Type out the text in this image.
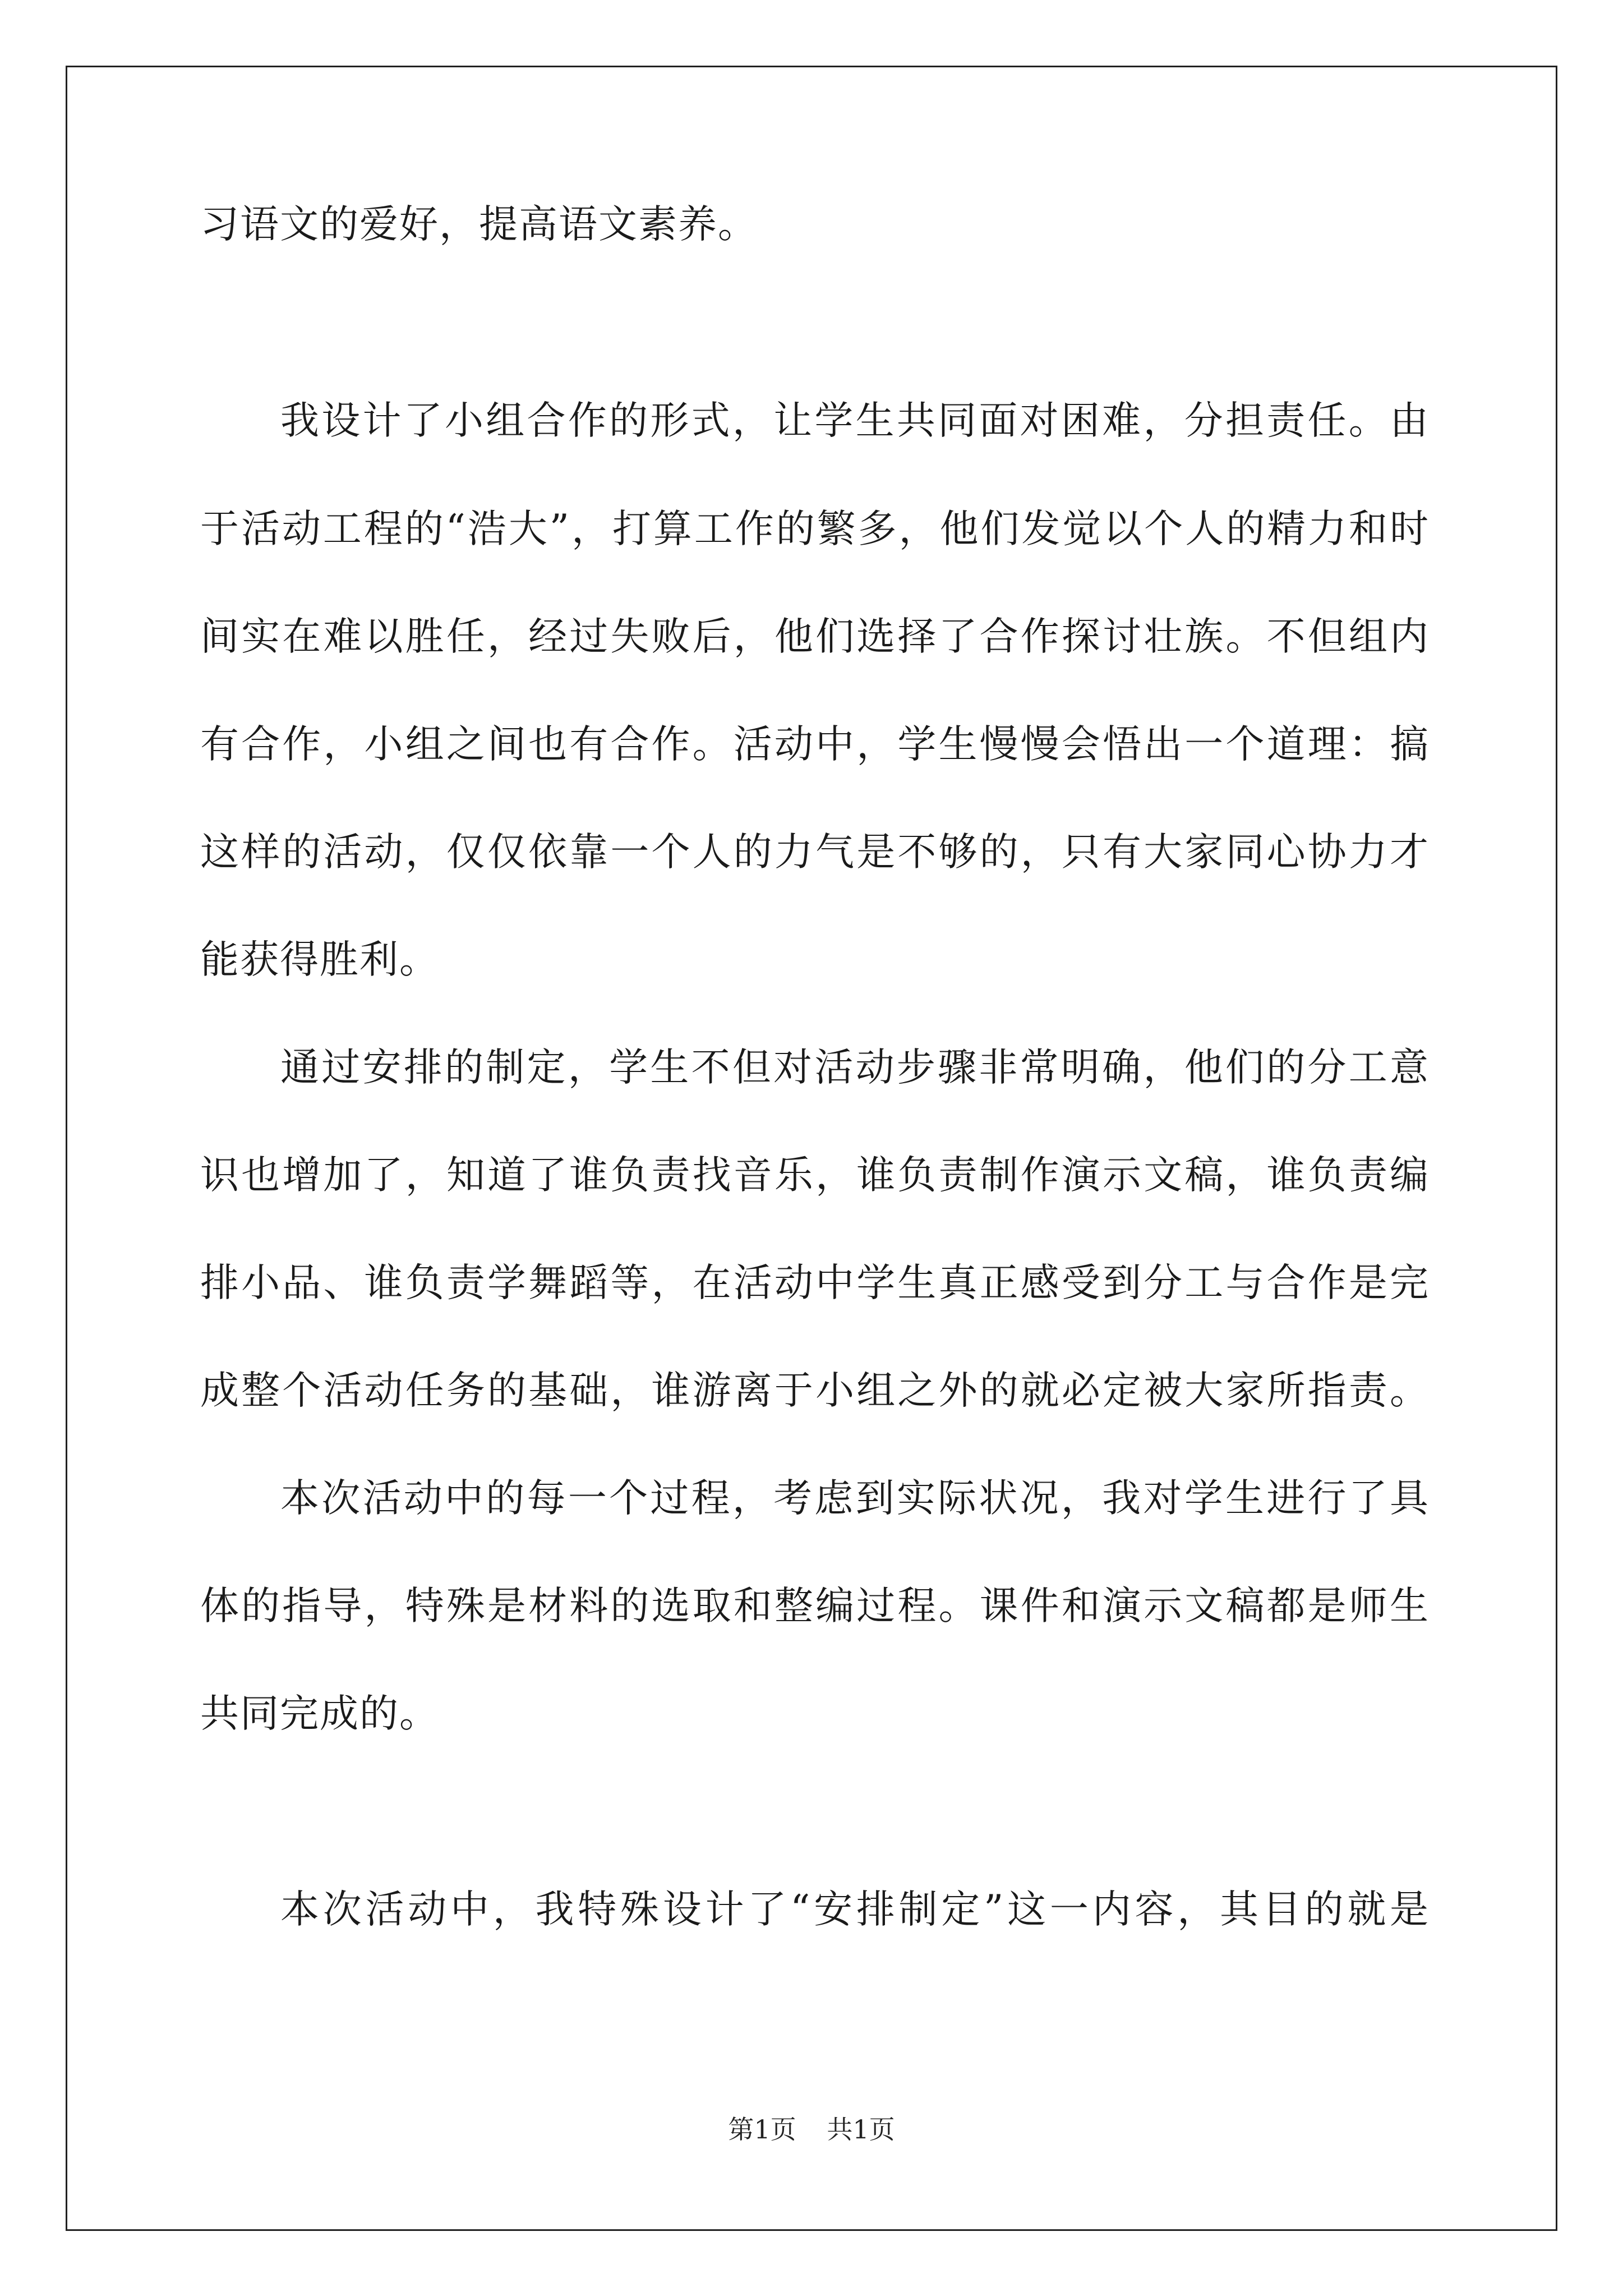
习语文的爱好，提高语文素养。
我设计了小组合作的形式，让学生共同面对困难，分担责任。由
于活动工程的“浩大”，打算工作的繁多，他们发觉以个人的精力和时
间实在难以胜任，经过失败后，他们选择了合作探讨壮族。不但组内
有合作，小组之间也有合作。活动中，学生慢慢会悟出一个道理：搞
这样的活动，仅仅依靠一个人的力气是不够的，只有大家同心协力才
能获得胜利。
通过安排的制定，学生不但对活动步骤非常明确，他们的分工意
识也增加了，知道了谁负责找音乐，谁负责制作演示文稿，谁负责编
排小品、谁负责学舞蹈等，在活动中学生真正感受到分工与合作是完
成整个活动任务的基础，谁游离于小组之外的就必定被大家所指责。
本次活动中的每一个过程，考虑到实际状况，我对学生进行了具
体的指导，特殊是材料的选取和整编过程。课件和演示文稿都是师生
共同完成的。
本次活动中，我特殊设计了“安排制定”这一内容，其目的就是
第1页 共1页
